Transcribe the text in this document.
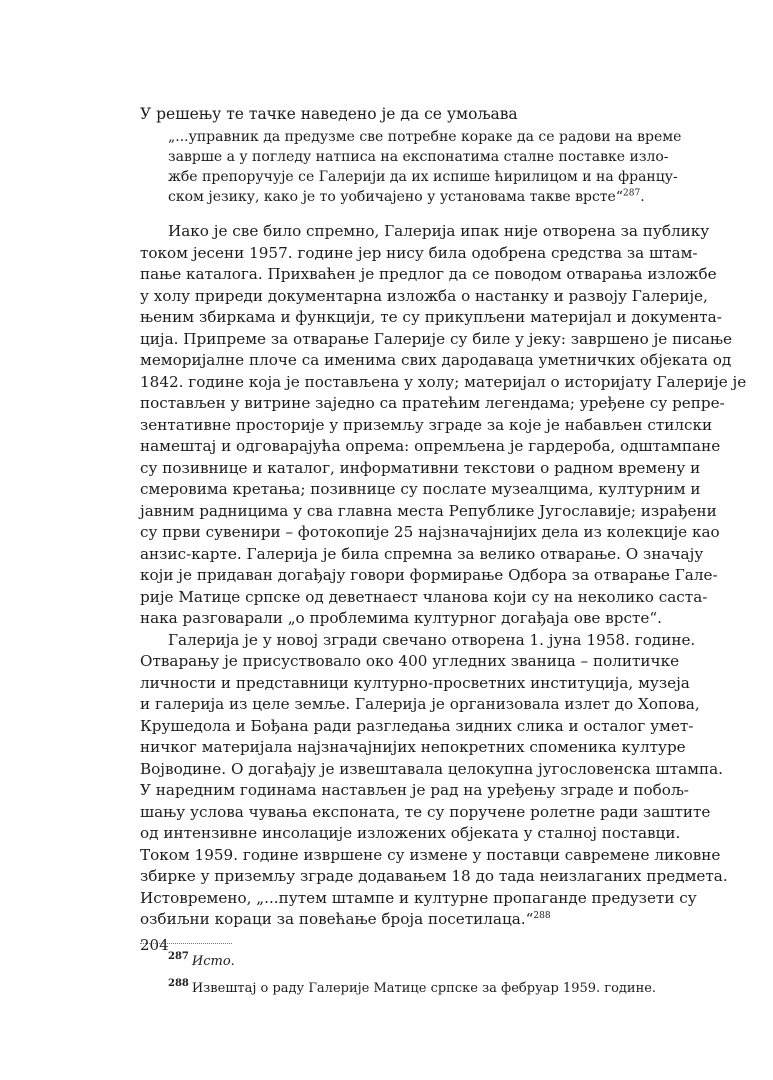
У решењу те тачке наведено је да се умољава

„...управник да предузме све потребне кораке да се радови на време
заврше а у погледу натписа на експонатима сталне поставке изло-
жбе препоручује се Галерији да их испише ћирилицом и на францу-
ском језику, како је то уобичајено у установама такве врсте“$^{287}$.
Иако је све било спремно, Галерија ипак није отворена за публику
током јесени 1957. године јер нису била одобрена средства за штам-
пање каталога. Прихваћен је предлог да се поводом отварања изложбе
у холу приреди документарна изложба о настанку и развоју Галерије,
њеним збиркама и функцији, те су прикупљени материјал и документа-
ција. Припреме за отварање Галерије су биле у јеку: завршено је писање
меморијалне плоче са именима свих дародаваца уметничких објеката од
1842. године која је постављена у холу; материјал о историјату Галерије је
постављен у витрине заједно са пратећим легендама; уређене су репре-
зентативне просторије у приземљу зграде за које је набављен стилски
намештај и одговарајућа опрема: опремљена је гардероба, одштампане
су позивнице и каталог, информативни текстови о радном времену и
смеровима кретања; позивнице су послате музеалцима, културним и
јавним радницима у сва главна места Републике Југославије; израђени
су први сувенири – фотокопије 25 најзначајнијих дела из колекције као
анзис-карте. Галерија је била спремна за велико отварање. О значају
који је придаван догађају говори формирање Одбора за отварање Гале-
рије Матице српске од деветнаест чланова који су на неколико саста-
нака разговарали „о проблемима културног догађаја ове врсте“.
Галерија је у новој згради свечано отворена 1. јуна 1958. године.
Отварању је присуствовало око 400 угледних званица – политичке
личности и представници културно-просветних институција, музеја
и галерија из целе земље. Галерија је организовала излет до Хопова,
Крушедола и Бођана ради разгледања зидних слика и осталог умет-
ничког материјала најзначајнијих непокретних споменика културе
Војводине. О догађају је извештавала целокупна југословенска штампа.
У наредним годинама настављен је рад на уређењу зграде и побољ-
шању услова чувања експоната, те су поручене ролетне ради заштите
од интензивне инсолације изложених објеката у сталној поставци.
Током 1959. године извршене су измене у поставци савремене ликовне
збирке у приземљу зграде додавањем 18 до тада неизлаганих предмета.
Истовремено, „...путем штампе и културне пропаганде предузети су
озбиљни кораци за повећање броја посетилаца.“$^{288}$

$^{287}$ Исто.

$^{288}$ Извештај о раду Галерије Матице српске за фебруар 1959. године.

204
